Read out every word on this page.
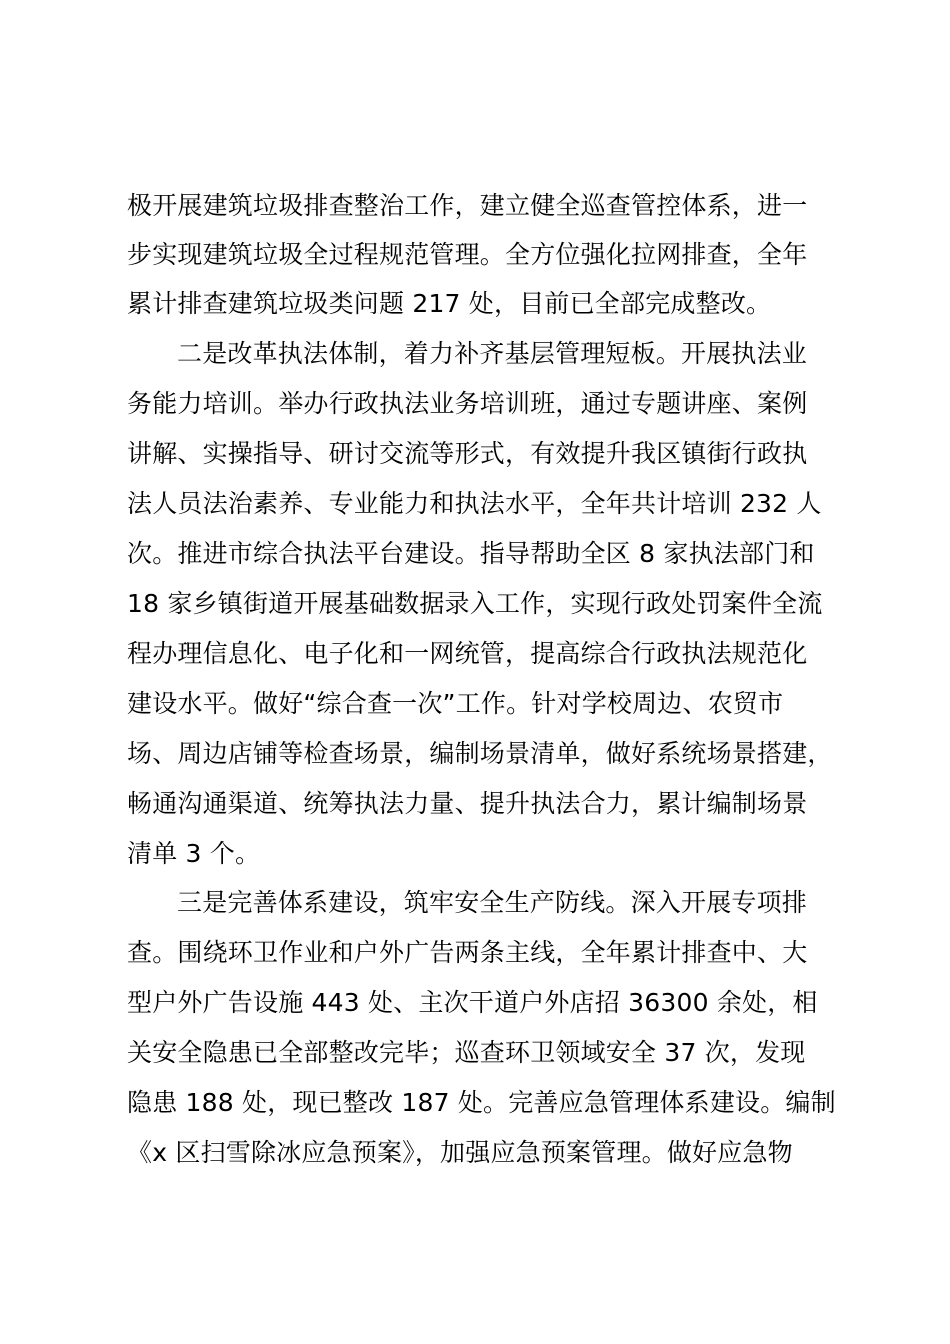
极开展建筑垃圾排查整治工作，建立健全巡查管控体系，进一
步实现建筑垃圾全过程规范管理。全方位强化拉网排查，全年
累计排查建筑垃圾类问题 217 处，目前已全部完成整改。
二是改革执法体制，着力补齐基层管理短板。开展执法业
务能力培训。举办行政执法业务培训班，通过专题讲座、案例
讲解、实操指导、研讨交流等形式，有效提升我区镇街行政执
法人员法治素养、专业能力和执法水平，全年共计培训 232 人
次。推进市综合执法平台建设。指导帮助全区 8 家执法部门和
18 家乡镇街道开展基础数据录入工作，实现行政处罚案件全流
程办理信息化、电子化和一网统管，提高综合行政执法规范化
建设水平。做好“综合查一次”工作。针对学校周边、农贸市
场、周边店铺等检查场景，编制场景清单，做好系统场景搭建，
畅通沟通渠道、统筹执法力量、提升执法合力，累计编制场景
清单 3 个。
三是完善体系建设，筑牢安全生产防线。深入开展专项排
查。围绕环卫作业和户外广告两条主线，全年累计排查中、大
型户外广告设施 443 处、主次干道户外店招 36300 余处，相
关安全隐患已全部整改完毕；巡查环卫领域安全 37 次，发现
隐患 188 处，现已整改 187 处。完善应急管理体系建设。编制
《x 区扫雪除冰应急预案》，加强应急预案管理。做好应急物
